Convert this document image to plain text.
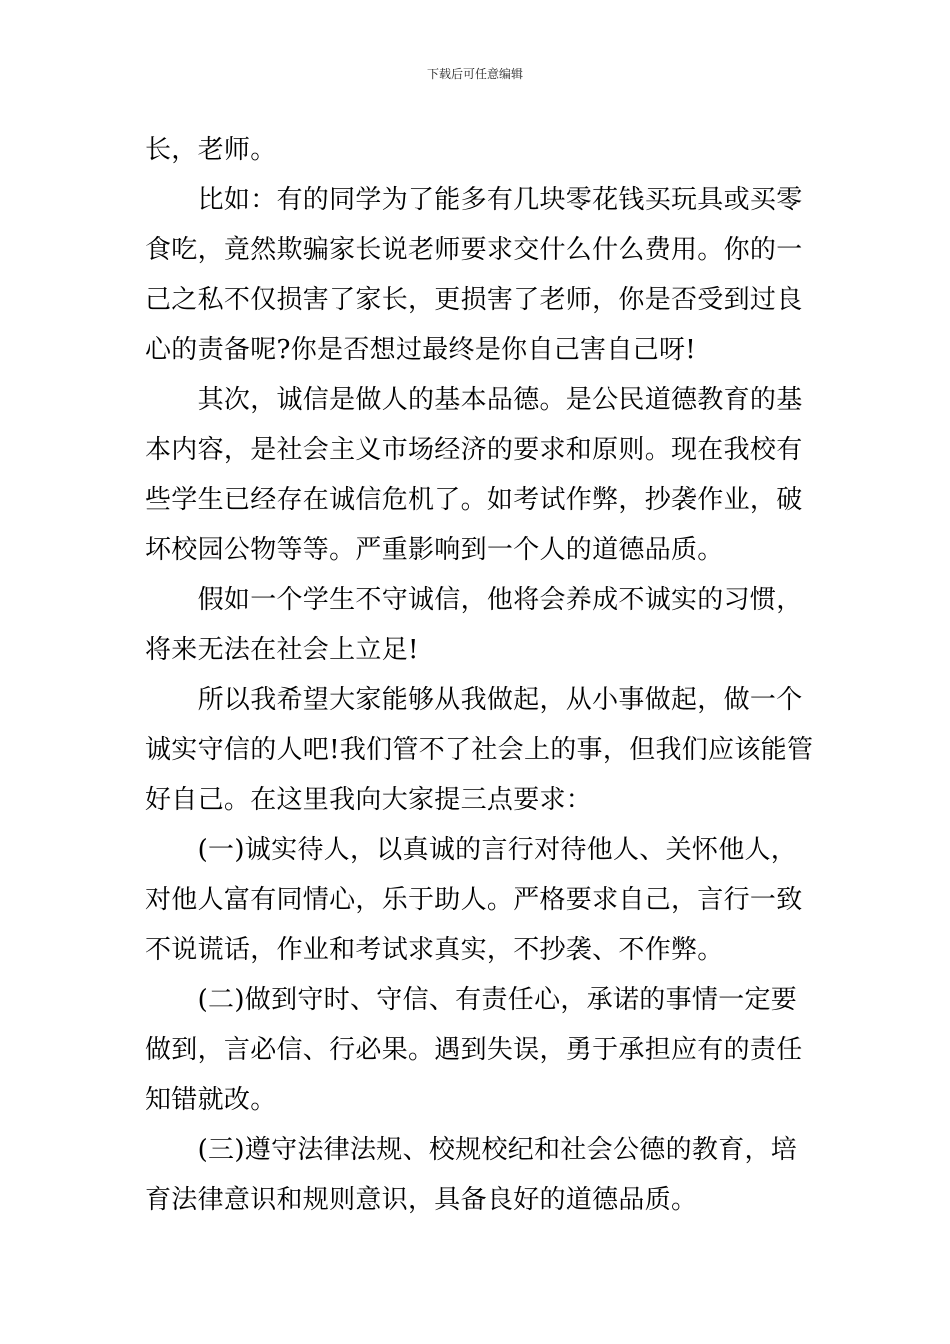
下载后可任意编辑
长，老师。
　　比如：有的同学为了能多有几块零花钱买玩具或买零
食吃，竟然欺骗家长说老师要求交什么什么费用。你的一
己之私不仅损害了家长，更损害了老师，你是否受到过良
心的责备呢?你是否想过最终是你自己害自己呀!
　　其次，诚信是做人的基本品德。是公民道德教育的基
本内容，是社会主义市场经济的要求和原则。现在我校有
些学生已经存在诚信危机了。如考试作弊，抄袭作业，破
坏校园公物等等。严重影响到一个人的道德品质。
　　假如一个学生不守诚信，他将会养成不诚实的习惯，
将来无法在社会上立足!
　　所以我希望大家能够从我做起，从小事做起，做一个
诚实守信的人吧!我们管不了社会上的事，但我们应该能管
好自己。在这里我向大家提三点要求：
　　(一)诚实待人，以真诚的言行对待他人、关怀他人，
对他人富有同情心，乐于助人。严格要求自己，言行一致
不说谎话，作业和考试求真实，不抄袭、不作弊。
　　(二)做到守时、守信、有责任心，承诺的事情一定要
做到，言必信、行必果。遇到失误，勇于承担应有的责任
知错就改。
　　(三)遵守法律法规、校规校纪和社会公德的教育，培
育法律意识和规则意识，具备良好的道德品质。
